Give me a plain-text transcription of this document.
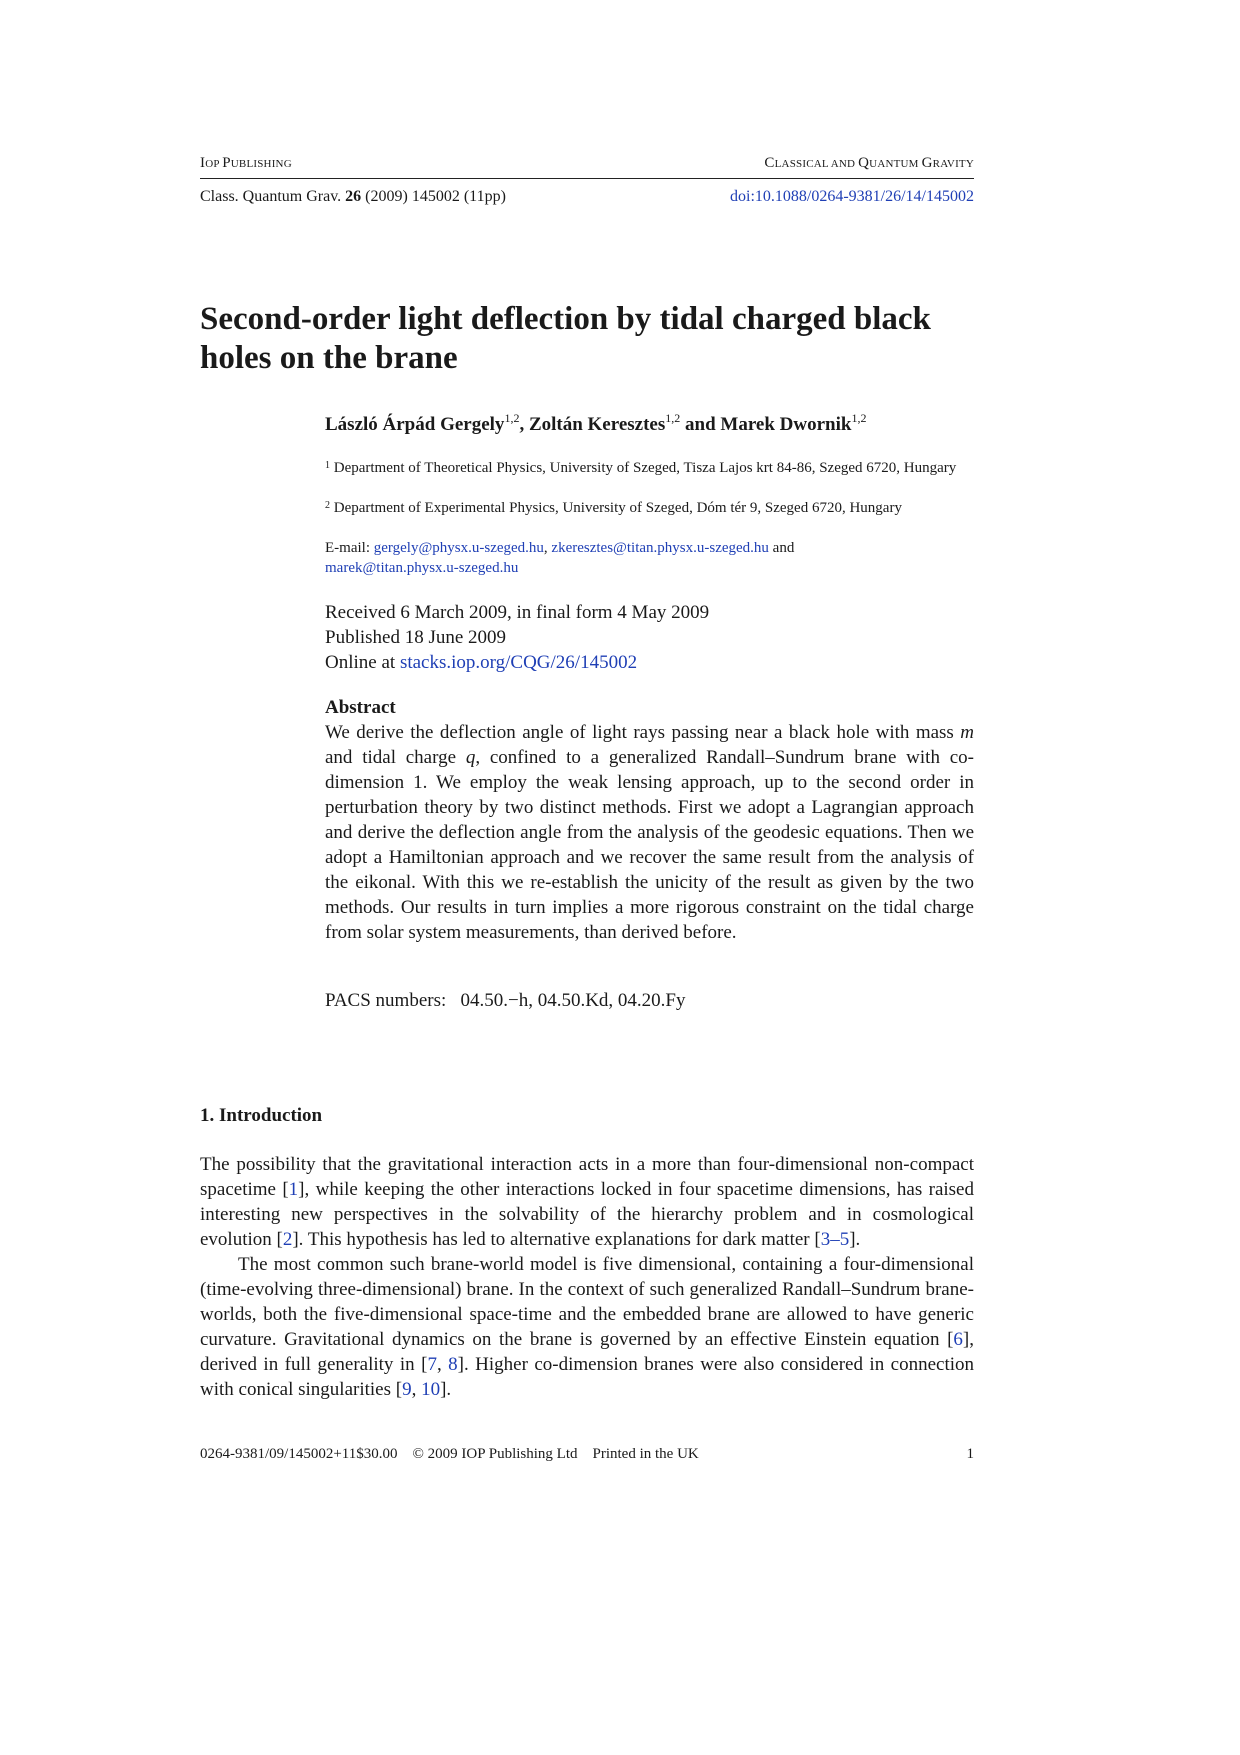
IOP PUBLISHING	CLASSICAL AND QUANTUM GRAVITY
Class. Quantum Grav. 26 (2009) 145002 (11pp)	doi:10.1088/0264-9381/26/14/145002
Second-order light deflection by tidal charged black holes on the brane
László Árpád Gergely$^{1,2}$, Zoltán Keresztes$^{1,2}$ and Marek Dwornik$^{1,2}$
$^1$ Department of Theoretical Physics, University of Szeged, Tisza Lajos krt 84-86, Szeged 6720, Hungary
$^2$ Department of Experimental Physics, University of Szeged, Dóm tér 9, Szeged 6720, Hungary
E-mail: gergely@physx.u-szeged.hu, zkeresztes@titan.physx.u-szeged.hu and
marek@titan.physx.u-szeged.hu
Received 6 March 2009, in final form 4 May 2009
Published 18 June 2009
Online at stacks.iop.org/CQG/26/145002
Abstract
We derive the deflection angle of light rays passing near a black hole with mass m and tidal charge q, confined to a generalized Randall–Sundrum brane with co-dimension 1. We employ the weak lensing approach, up to the second order in perturbation theory by two distinct methods. First we adopt a Lagrangian approach and derive the deflection angle from the analysis of the geodesic equations. Then we adopt a Hamiltonian approach and we recover the same result from the analysis of the eikonal. With this we re-establish the unicity of the result as given by the two methods. Our results in turn implies a more rigorous constraint on the tidal charge from solar system measurements, than derived before.
PACS numbers:   04.50.−h, 04.50.Kd, 04.20.Fy
1. Introduction

The possibility that the gravitational interaction acts in a more than four-dimensional non-compact spacetime [1], while keeping the other interactions locked in four spacetime dimensions, has raised interesting new perspectives in the solvability of the hierarchy problem and in cosmological evolution [2]. This hypothesis has led to alternative explanations for dark matter [3–5].

The most common such brane-world model is five dimensional, containing a four-dimensional (time-evolving three-dimensional) brane. In the context of such generalized Randall–Sundrum brane-worlds, both the five-dimensional space-time and the embedded brane are allowed to have generic curvature. Gravitational dynamics on the brane is governed by an effective Einstein equation [6], derived in full generality in [7, 8]. Higher co-dimension branes were also considered in connection with conical singularities [9, 10].

0264-9381/09/145002+11$30.00    © 2009 IOP Publishing Ltd    Printed in the UK	1
